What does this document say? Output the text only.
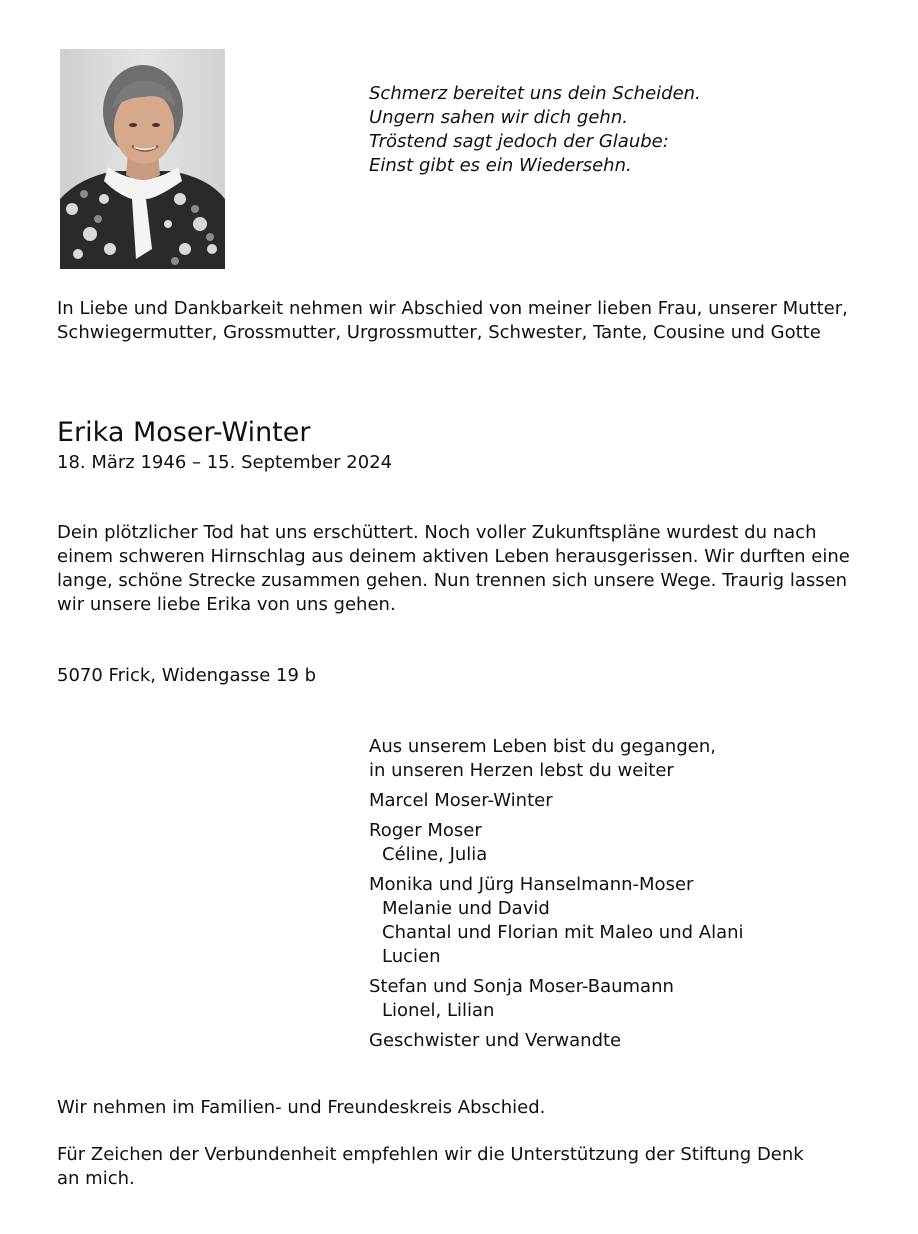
Schmerz bereitet uns dein Scheiden.
Ungern sahen wir dich gehn.
Tröstend sagt jedoch der Glaube:
Einst gibt es ein Wiedersehn.
In Liebe und Dankbarkeit nehmen wir Abschied von meiner lieben Frau, unserer Mutter, Schwiegermutter, Grossmutter, Urgrossmutter, Schwester, Tante, Cousine und Gotte
Erika Moser-Winter
18. März 1946 – 15. September 2024
Dein plötzlicher Tod hat uns erschüttert. Noch voller Zukunftspläne wurdest du nach einem schweren Hirnschlag aus deinem aktiven Leben herausgerissen. Wir durften eine lange, schöne Strecke zusammen gehen. Nun trennen sich unsere Wege. Traurig lassen wir unsere liebe Erika von uns gehen.
5070 Frick, Widengasse 19 b
Aus unserem Leben bist du gegangen,
in unseren Herzen lebst du weiter
Marcel Moser-Winter
Roger Moser
Céline, Julia
Monika und Jürg Hanselmann-Moser
Melanie und David
Chantal und Florian mit Maleo und Alani
Lucien
Stefan und Sonja Moser-Baumann
Lionel, Lilian
Geschwister und Verwandte
Wir nehmen im Familien- und Freundeskreis Abschied.
Für Zeichen der Verbundenheit empfehlen wir die Unterstützung der Stiftung Denk an mich.
